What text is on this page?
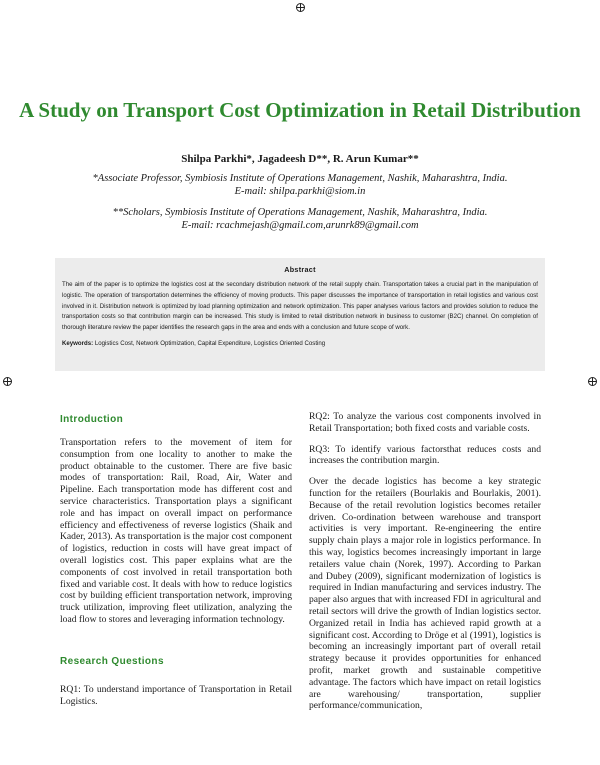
A Study on Transport Cost Optimization in Retail Distribution
Shilpa Parkhi*, Jagadeesh D**, R. Arun Kumar**
*Associate Professor, Symbiosis Institute of Operations Management, Nashik, Maharashtra, India.
E-mail: shilpa.parkhi@siom.in
**Scholars, Symbiosis Institute of Operations Management, Nashik, Maharashtra, India.
E-mail: rcachmejash@gmail.com,arunrk89@gmail.com
Abstract
The aim of the paper is to optimize the logistics cost at the secondary distribution network of the retail supply chain. Transportation takes a crucial part in the manipulation of logistic. The operation of transportation determines the efficiency of moving products. This paper discusses the importance of transportation in retail logistics and various cost involved in it. Distribution network is optimized by load planning optimization and network optimization. This paper analyses various factors and provides solution to reduce the transportation costs so that contribution margin can be increased. This study is limited to retail distribution network in business to customer (B2C) channel. On completion of thorough literature review the paper identifies the research gaps in the area and ends with a conclusion and future scope of work.
Keywords: Logistics Cost, Network Optimization, Capital Expenditure, Logistics Oriented Costing
Introduction
Transportation refers to the movement of item for consumption from one locality to another to make the product obtainable to the customer. There are five basic modes of transportation: Rail, Road, Air, Water and Pipeline. Each transportation mode has different cost and service characteristics. Transportation plays a significant role and has impact on overall impact on performance efficiency and effectiveness of reverse logistics (Shaik and Kader, 2013). As transportation is the major cost component of logistics, reduction in costs will have great impact of overall logistics cost. This paper explains what are the components of cost involved in retail transportation both fixed and variable cost. It deals with how to reduce logistics cost by building efficient transportation network, improving truck utilization, improving fleet utilization, analyzing the load flow to stores and leveraging information technology.
Research Questions
RQ1: To understand importance of Transportation in Retail Logistics.

RQ2: To analyze the various cost components involved in Retail Transportation; both fixed costs and variable costs.

RQ3: To identify various factorsthat reduces costs and increases the contribution margin.

Over the decade logistics has become a key strategic function for the retailers (Bourlakis and Bourlakis, 2001). Because of the retail revolution logistics becomes retailer driven. Co-ordination between warehouse and transport activities is very important. Re-engineering the entire supply chain plays a major role in logistics performance. In this way, logistics becomes increasingly important in large retailers value chain (Norek, 1997). According to Parkan and Dubey (2009), significant modernization of logistics is required in Indian manufacturing and services industry. The paper also argues that with increased FDI in agricultural and retail sectors will drive the growth of Indian logistics sector. Organized retail in India has achieved rapid growth at a significant cost. According to Dröge et al (1991), logistics is becoming an increasingly important part of overall retail strategy because it provides opportunities for enhanced profit, market growth and sustainable competitive advantage. The factors which have impact on retail logistics are warehousing/ transportation, supplier performance/communication,
